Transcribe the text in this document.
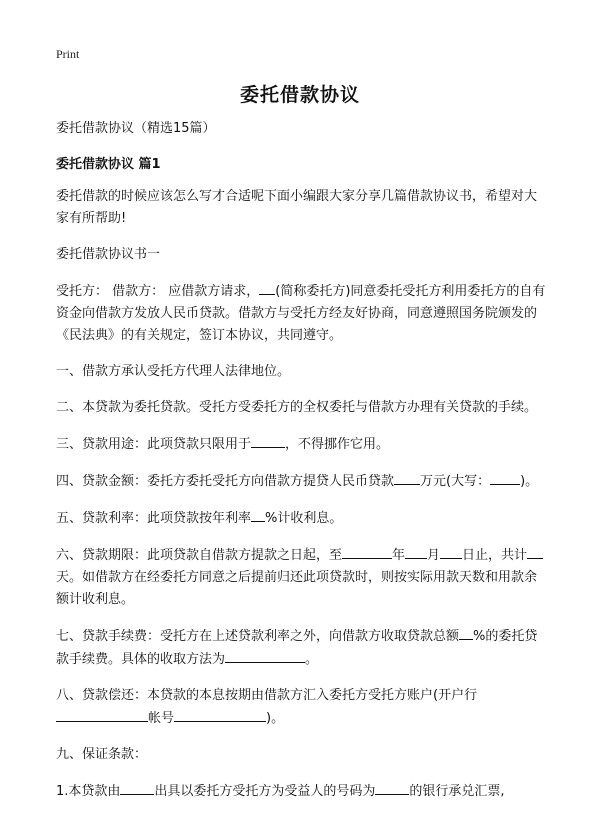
Print
委托借款协议

委托借款协议（精选15篇）

委托借款协议 篇1

委托借款的时候应该怎么写才合适呢下面小编跟大家分享几篇借款协议书，希望对大家有所帮助!

委托借款协议书一

受托方： 借款方： 应借款方请求， (简称委托方)同意委托受托方利用委托方的自有资金向借款方发放人民币贷款。借款方与受托方经友好协商，同意遵照国务院颁发的《民法典》的有关规定，签订本协议，共同遵守。

一、借款方承认受托方代理人法律地位。

二、本贷款为委托贷款。受托方受委托方的全权委托与借款方办理有关贷款的手续。

三、贷款用途：此项贷款只限用于	，不得挪作它用。

四、贷款金额：委托方委托受托方向借款方提贷人民币贷款 万元(大写： )。

五、贷款利率：此项贷款按年利率 %计收利息。

六、贷款期限：此项贷款自借款方提款之日起，至	年 月 日止，共计天。如借款方在经委托方同意之后提前归还此项贷款时，则按实际用款天数和用款余额计收利息。

七、贷款手续费：受托方在上述贷款利率之外，向借款方收取贷款总额 %的委托贷款手续费。具体的收取方法为	。

八、贷款偿还：本贷款的本息按期由借款方汇入委托方受托方账户(开户行帐号	)。

九、保证条款：

1.本贷款由	出具以委托方受托方为受益人的号码为	的银行承兑汇票,
